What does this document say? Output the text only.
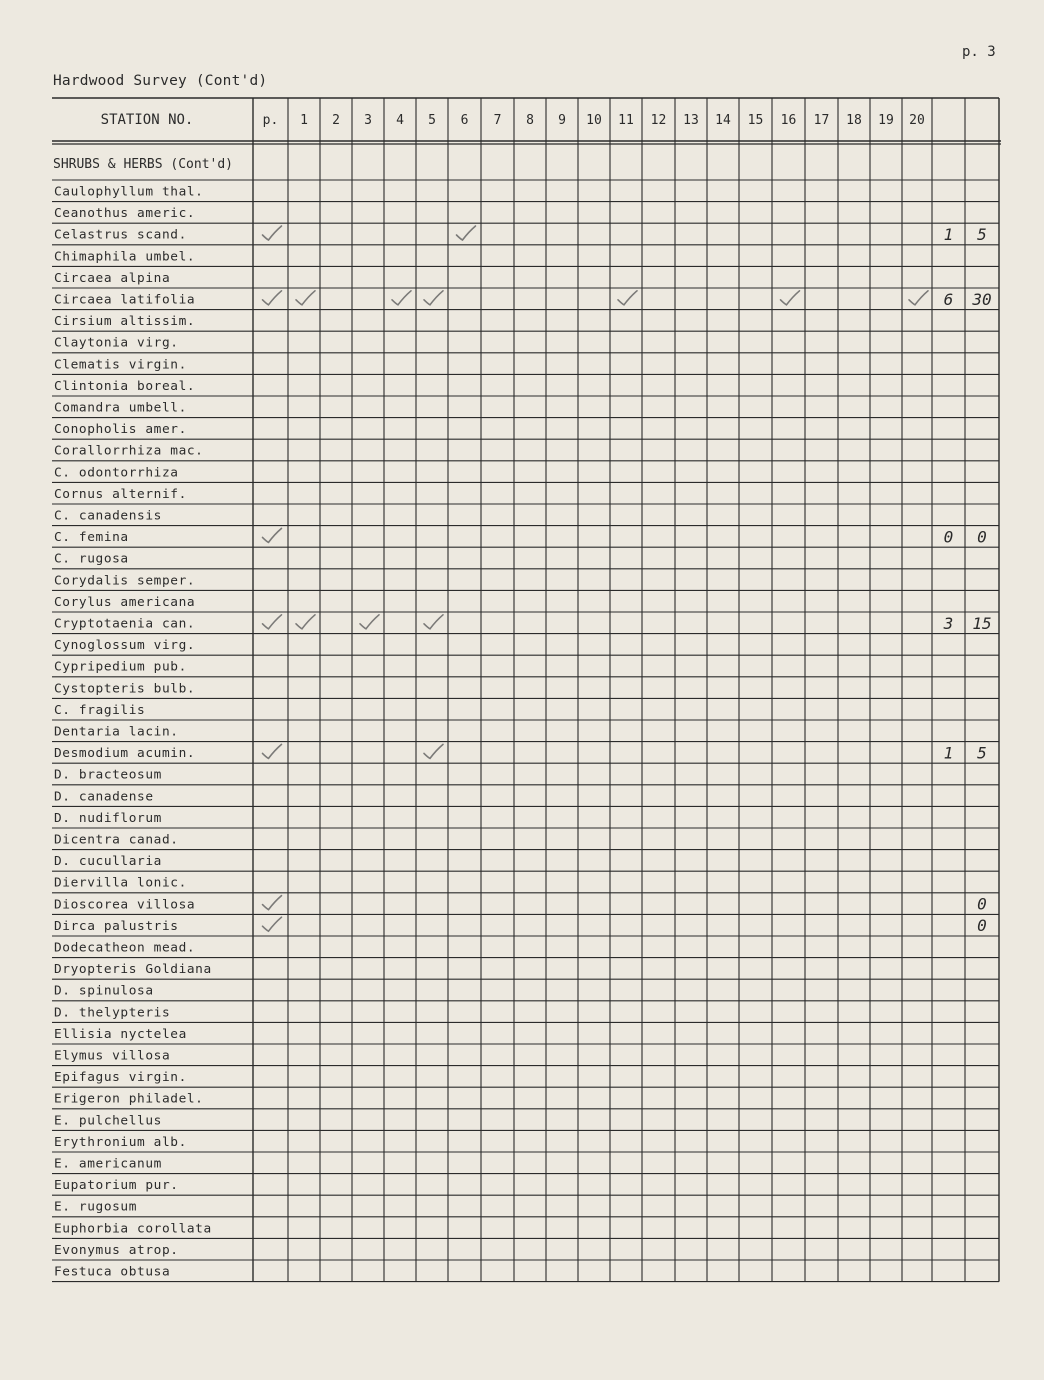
p. 3
Hardwood Survey (Cont'd)
STATION NO.	p. 1 2 3 4 5 6 7 8 9 10 11 12 13 14 15 16 17 18 19 20
SHRUBS & HERBS (Cont'd)
Caulophyllum thal.
Ceanothus americ.
Celastrus scand.
Chimaphila umbel.
Circaea alpina
Circaea latifolia
Cirsium altissim.
Claytonia virg.
Clematis virgin.
Clintonia boreal.
Comandra umbell.
Conopholis amer.
Corallorrhiza mac.
C. odontorrhiza
Cornus alternif.
C. canadensis
C. femina
C. rugosa
Corydalis semper.
Corylus americana
Cryptotaenia can.
Cynoglossum virg.
Cypripedium pub.
Cystopteris bulb.
C. fragilis
Dentaria lacin.
Desmodium acumin.
D. bracteosum
D. canadense
D. nudiflorum
Dicentra canad.
D. cucullaria
Diervilla lonic.
Dioscorea villosa
Dirca palustris
Dodecatheon mead.
Dryopteris Goldiana
D. spinulosa
D. thelypteris
Ellisia nyctelea
Elymus villosa
Epifagus virgin.
Erigeron philadel.
E. pulchellus
Erythronium alb.
E. americanum
Eupatorium pur.
E. rugosum
Euphorbia corollata
Evonymus atrop.
Festuca obtusa
1 5
6 30
0 0
3 15
1 5
0
0
